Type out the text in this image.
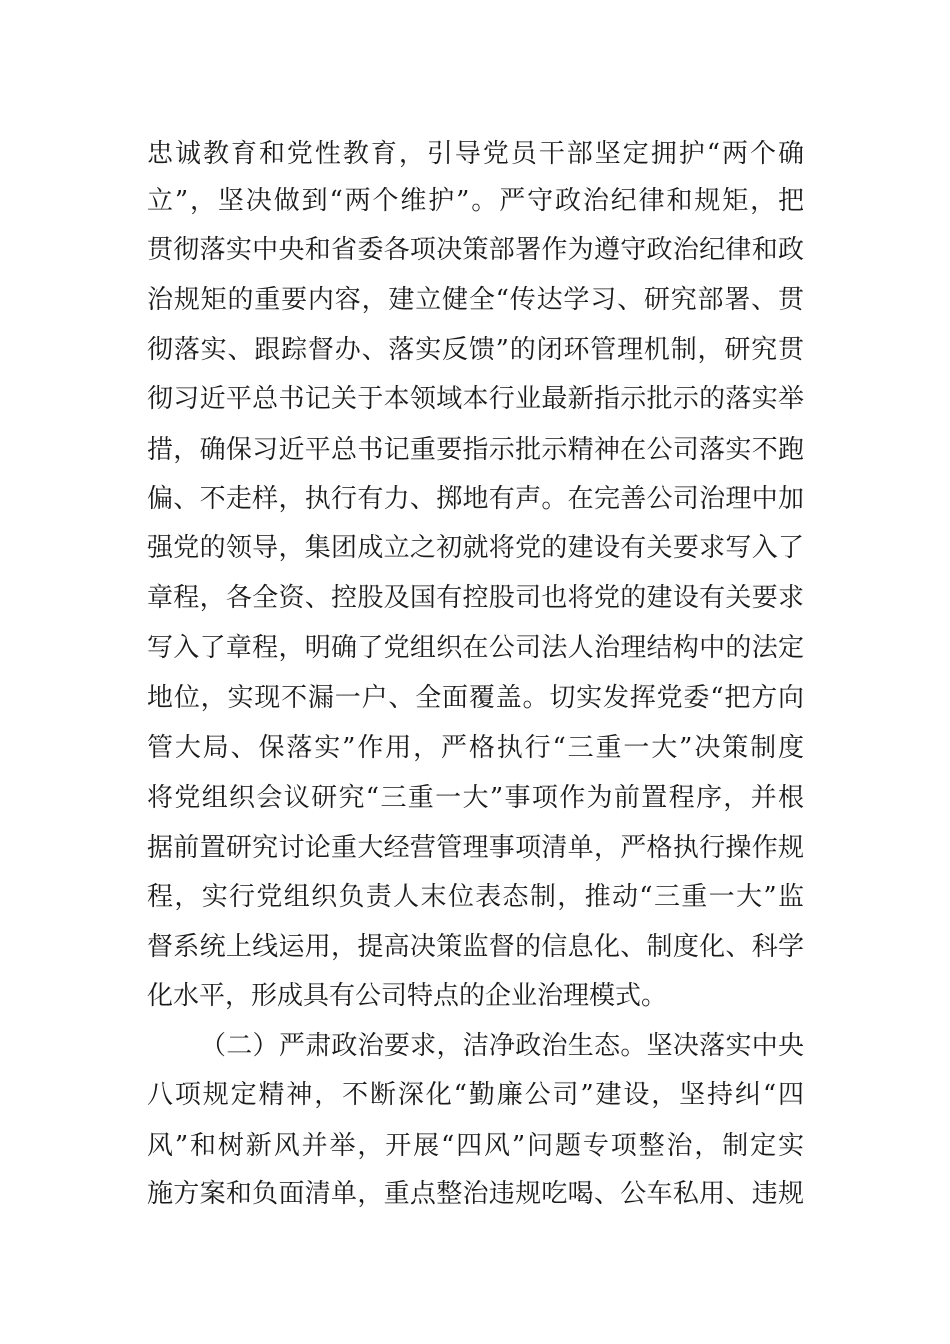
忠诚教育和党性教育，引导党员干部坚定拥护“两个确
立”，坚决做到“两个维护”。严守政治纪律和规矩，把
贯彻落实中央和省委各项决策部署作为遵守政治纪律和政
治规矩的重要内容，建立健全“传达学习、研究部署、贯
彻落实、跟踪督办、落实反馈”的闭环管理机制，研究贯
彻习近平总书记关于本领域本行业最新指示批示的落实举
措，确保习近平总书记重要指示批示精神在公司落实不跑
偏、不走样，执行有力、掷地有声。在完善公司治理中加
强党的领导，集团成立之初就将党的建设有关要求写入了
章程，各全资、控股及国有控股司也将党的建设有关要求
写入了章程，明确了党组织在公司法人治理结构中的法定
地位，实现不漏一户、全面覆盖。切实发挥党委“把方向
管大局、保落实”作用，严格执行“三重一大”决策制度
将党组织会议研究“三重一大”事项作为前置程序，并根
据前置研究讨论重大经营管理事项清单，严格执行操作规
程，实行党组织负责人末位表态制，推动“三重一大”监
督系统上线运用，提高决策监督的信息化、制度化、科学
化水平，形成具有公司特点的企业治理模式。
（二）严肃政治要求，洁净政治生态。坚决落实中央
八项规定精神，不断深化“勤廉公司”建设，坚持纠“四
风”和树新风并举，开展“四风”问题专项整治，制定实
施方案和负面清单，重点整治违规吃喝、公车私用、违规
